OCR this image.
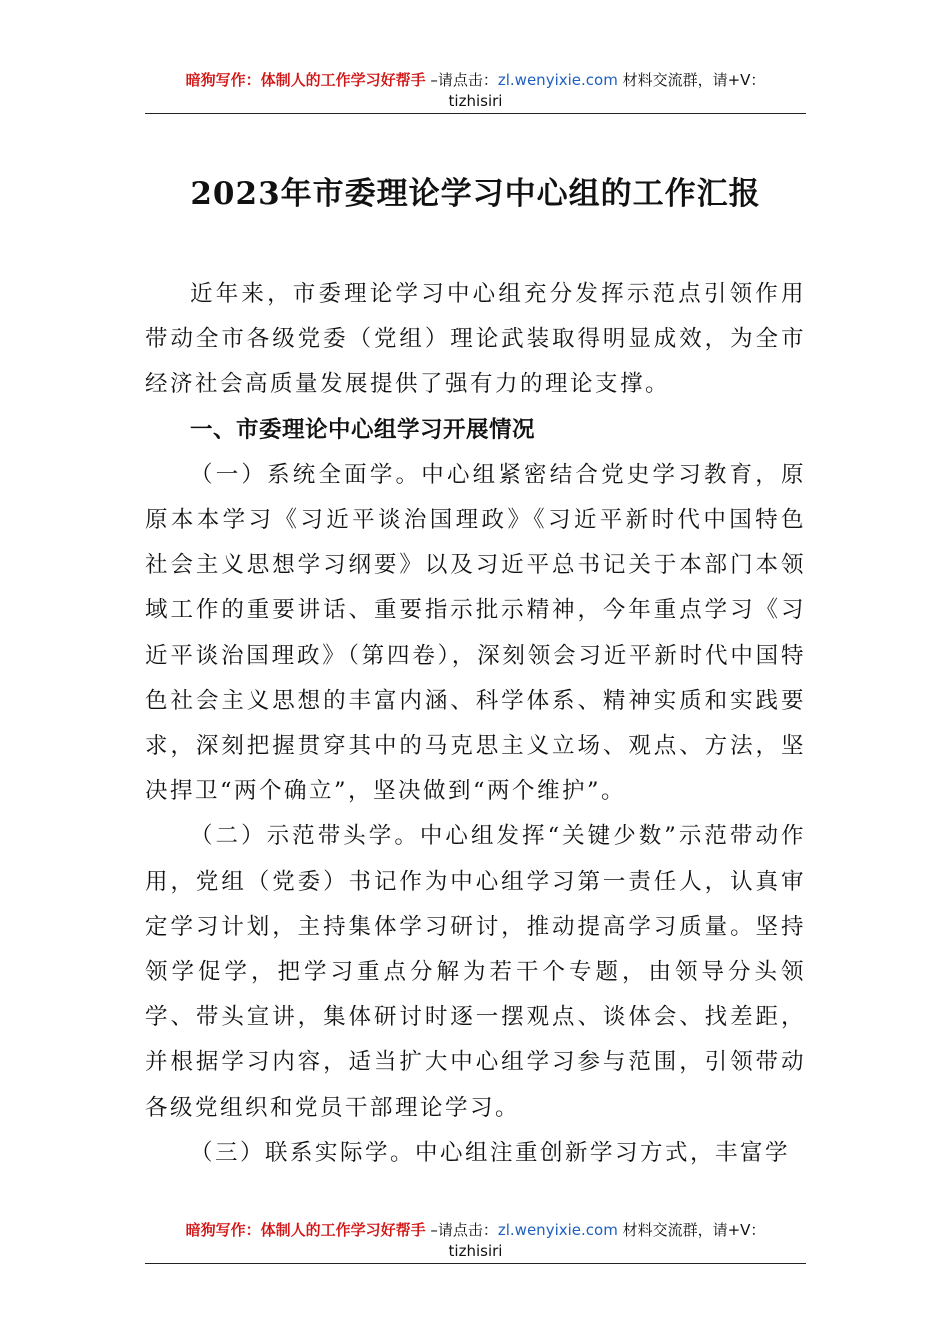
暗狗写作：体制人的工作学习好帮手 –请点击：zl.wenyixie.com 材料交流群，请+V：
tizhisiri
2023年市委理论学习中心组的工作汇报

近年来，市委理论学习中心组充分发挥示范点引领作用带动全市各级党委（党组）理论武装取得明显成效，为全市经济社会高质量发展提供了强有力的理论支撑。

一、市委理论中心组学习开展情况

（一）系统全面学。中心组紧密结合党史学习教育，原原本本学习《习近平谈治国理政》《习近平新时代中国特色社会主义思想学习纲要》以及习近平总书记关于本部门本领域工作的重要讲话、重要指示批示精神，今年重点学习《习近平谈治国理政》（第四卷），深刻领会习近平新时代中国特色社会主义思想的丰富内涵、科学体系、精神实质和实践要求，深刻把握贯穿其中的马克思主义立场、观点、方法，坚决捍卫“两个确立”，坚决做到“两个维护”。

（二）示范带头学。中心组发挥“关键少数”示范带动作用，党组（党委）书记作为中心组学习第一责任人，认真审定学习计划，主持集体学习研讨，推动提高学习质量。坚持领学促学，把学习重点分解为若干个专题，由领导分头领学、带头宣讲，集体研讨时逐一摆观点、谈体会、找差距，并根据学习内容，适当扩大中心组学习参与范围，引领带动各级党组织和党员干部理论学习。

（三）联系实际学。中心组注重创新学习方式，丰富学

暗狗写作：体制人的工作学习好帮手 –请点击：zl.wenyixie.com 材料交流群，请+V：
tizhisiri
